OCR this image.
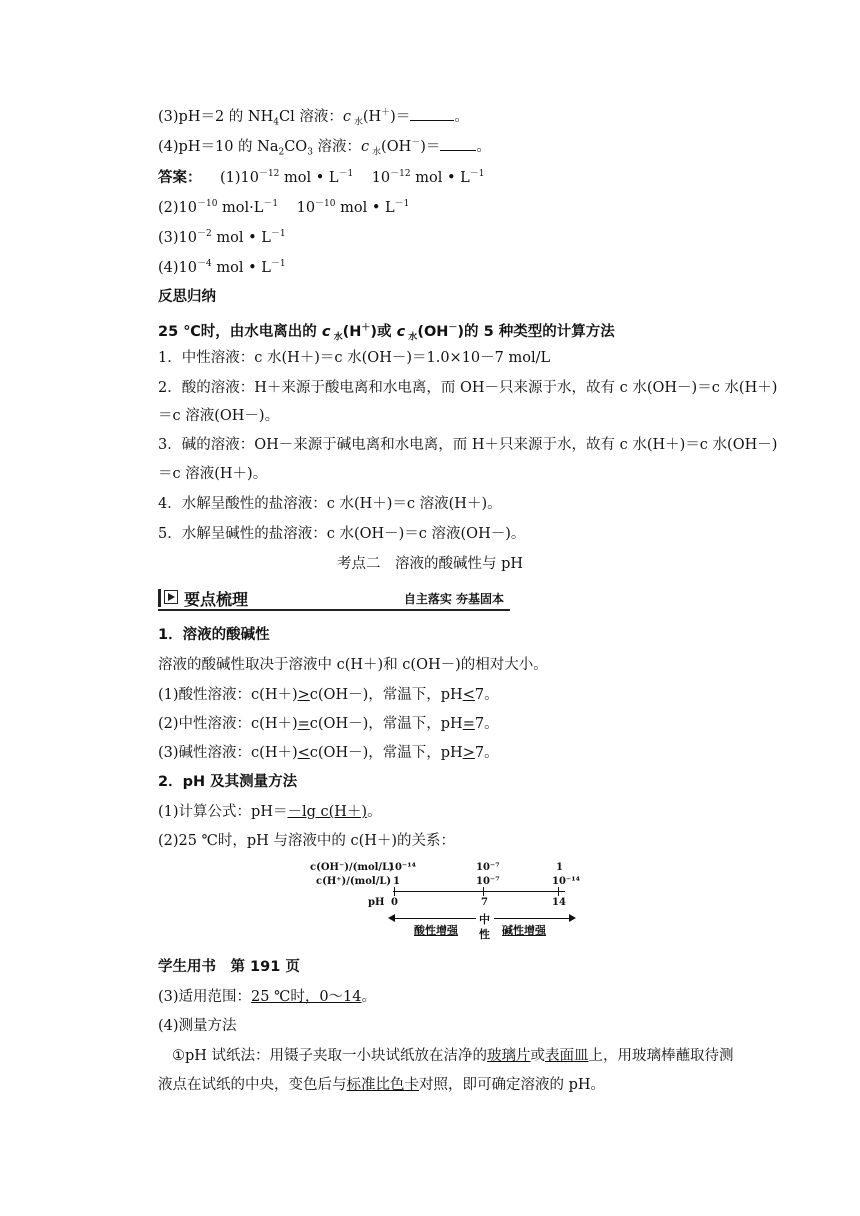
(3)pH＝2 的 $NH_4Cl$ 溶液：c $_水$(H＋)＝	。
(4)pH＝10 的 $Na_2CO_3$ 溶液：c $_水$(OH－)＝ 。
答案： $(1)10^{-12}$ mol • $L^{-1}$    $10^{-12}$ mol • $L^{-1}$
$(2)10^{-10}$ $mol\cdot L^{-1}$    $10^{-10}$ mol • $L^{-1}$
$(3)10^{-2}$ mol • $L^{-1}$
$(4)10^{-4}$ mol • $L^{-1}$
反思归纳
25 ℃时，由水电离出的 c $_水$(H＋)或 c $_水$(OH－)的 5 种类型的计算方法
1．中性溶液：c 水(H＋)＝c 水(OH－)＝1.0×10－7 mol/L
2．酸的溶液：H＋来源于酸电离和水电离，而 OH－只来源于水，故有 c 水(OH－)＝c 水(H＋)
＝c 溶液(OH－)。
3．碱的溶液：OH－来源于碱电离和水电离，而 H＋只来源于水，故有 c 水(H＋)＝c 水(OH－)
＝c 溶液(H＋)。
4．水解呈酸性的盐溶液：c 水(H＋)＝c 溶液(H＋)。
5．水解呈碱性的盐溶液：c 水(OH－)＝c 溶液(OH－)。
考点二　溶液的酸碱性与 pH
要点梳理	自主落实 夯基固本
1．溶液的酸碱性
溶液的酸碱性取决于溶液中 c(H＋)和 c(OH－)的相对大小。
(1)酸性溶液：c(H＋)>c(OH－)，常温下，pH<7。
(2)中性溶液：c(H＋)=c(OH－)，常温下，pH=7。
(3)碱性溶液：c(H＋)<c(OH－)，常温下，pH>7。
2．pH 及其测量方法
(1)计算公式：pH＝－lg c(H＋)。
(2)25 ℃时，pH 与溶液中的 c(H＋)的关系：
c(OH⁻)/(mol/L)
c(H⁺)/(mol/L)
pH
10⁻¹⁴
1
0
10⁻⁷
10⁻⁷
7
1
10⁻¹⁴
14
酸性增强
中
性 碱性增强
学生用书　第 191 页
(3)适用范围：25 ℃时，0～14。
(4)测量方法
①pH 试纸法：用镊子夹取一小块试纸放在洁净的玻璃片或表面皿上，用玻璃棒蘸取待测
液点在试纸的中央，变色后与标准比色卡对照，即可确定溶液的 pH。
